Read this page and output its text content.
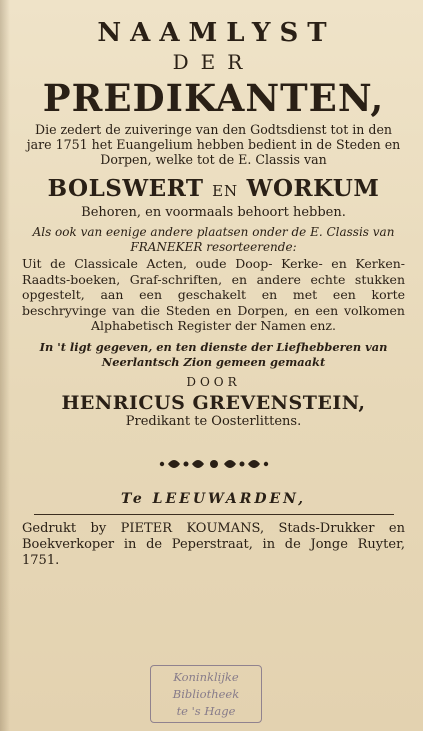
NAAMLYST
DER
PREDIKANTEN,
Die zedert de zuiveringe van den Godtsdienst tot in den jare 1751 het Euangelium hebben bedient in de Steden en Dorpen, welke tot de E. Classis van
BOLSWERT EN WORKUM
Behoren, en voormaals behoort hebben.
Als ook van eenige andere plaatsen onder de E. Classis van FRANEKER resorteerende:
Uit de Classicale Acten, oude Doop- Kerke- en Kerken-Raadts-boeken, Graf-schriften, en andere echte stukken opgestelt, aan een geschakelt en met een korte beschryvinge van die Steden en Dorpen, en een volkomen Alphabetisch Register der Namen enz.
In 't ligt gegeven, en ten dienste der Liefhebberen van Neerlantsch Zion gemeen gemaakt
DOOR
HENRICUS GREVENSTEIN,
Predikant te Oosterlittens.
Te LEEUWARDEN,
Gedrukt by PIETER KOUMANS, Stads-Drukker en Boekverkoper in de Peperstraat, in de Jonge Ruyter, 1751.
Koninklijke
Bibliotheek
te 's Hage
